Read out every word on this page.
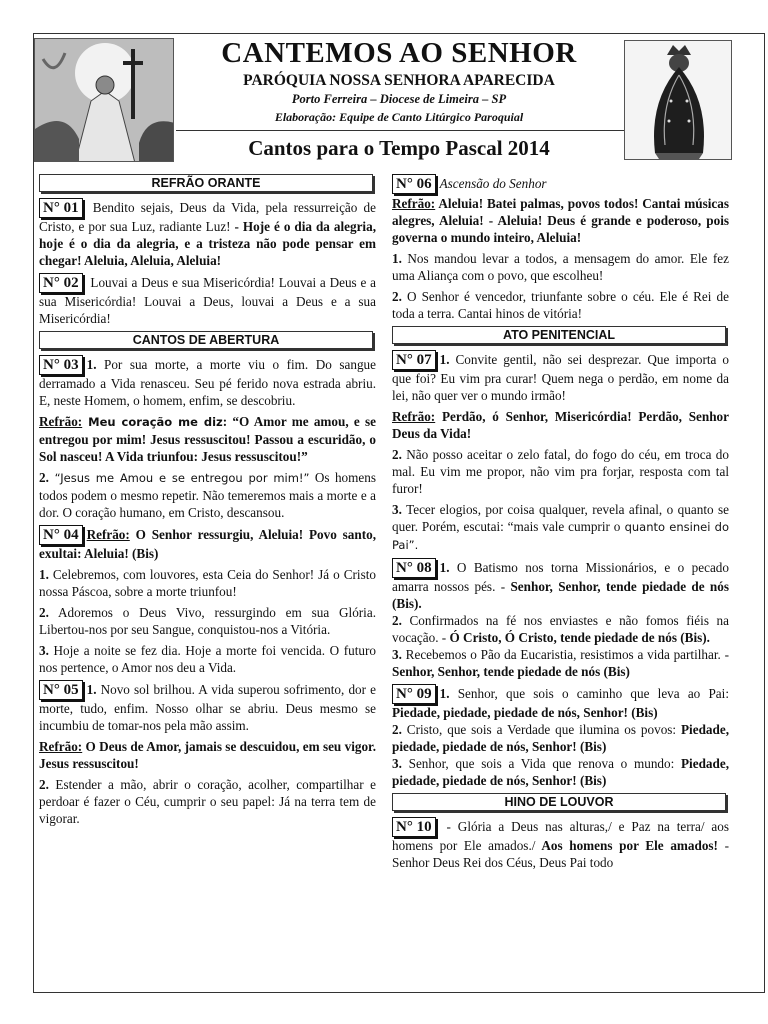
CANTEMOS AO SENHOR
PARÓQUIA NOSSA SENHORA APARECIDA
Porto Ferreira – Diocese de Limeira – SP
Elaboração: Equipe de Canto Litúrgico Paroquial
Cantos para o Tempo Pascal 2014
REFRÃO ORANTE

N° 01 Bendito sejais, Deus da Vida, pela ressurreição de Cristo, e por sua Luz, radiante Luz! - Hoje é o dia da alegria, hoje é o dia da alegria, e a tristeza não pode pensar em chegar! Aleluia, Aleluia, Aleluia!

N° 02 Louvai a Deus e sua Misericórdia! Louvai a Deus e a sua Misericórdia! Louvai a Deus, louvai a Deus e a sua Misericórdia!

CANTOS DE ABERTURA

N° 03 1. Por sua morte, a morte viu o fim. Do sangue derramado a Vida renasceu. Seu pé ferido nova estrada abriu. E, neste Homem, o homem, enfim, se descobriu.

Refrão: Meu coração me diz: “O Amor me amou, e se entregou por mim! Jesus ressuscitou! Passou a escuridão, o Sol nasceu! A Vida triunfou: Jesus ressuscitou!”

2. “Jesus me Amou e se entregou por mim!” Os homens todos podem o mesmo repetir. Não temeremos mais a morte e a dor. O coração humano, em Cristo, descansou.

N° 04 Refrão: O Senhor ressurgiu, Aleluia! Povo santo, exultai: Aleluia! (Bis)

1. Celebremos, com louvores, esta Ceia do Senhor! Já o Cristo nossa Páscoa, sobre a morte triunfou!

2. Adoremos o Deus Vivo, ressurgindo em sua Glória. Libertou-nos por seu Sangue, conquistou-nos a Vitória.

3. Hoje a noite se fez dia. Hoje a morte foi vencida. O futuro nos pertence, o Amor nos deu a Vida.

N° 05 1. Novo sol brilhou. A vida superou sofrimento, dor e morte, tudo, enfim. Nosso olhar se abriu. Deus mesmo se incumbiu de tomar-nos pela mão assim.

Refrão: O Deus de Amor, jamais se descuidou, em seu vigor. Jesus ressuscitou!

2. Estender a mão, abrir o coração, acolher, compartilhar e perdoar é fazer o Céu, cumprir o seu papel: Já na terra tem de vigorar.

N° 06 Ascensão do Senhor

Refrão: Aleluia! Batei palmas, povos todos! Cantai músicas alegres, Aleluia! - Aleluia! Deus é grande e poderoso, pois governa o mundo inteiro, Aleluia!

1. Nos mandou levar a todos, a mensagem do amor. Ele fez uma Aliança com o povo, que escolheu!

2. O Senhor é vencedor, triunfante sobre o céu. Ele é Rei de toda a terra. Cantai hinos de vitória!

ATO PENITENCIAL

N° 07 1. Convite gentil, não sei desprezar. Que importa o que foi? Eu vim pra curar! Quem nega o perdão, em nome da lei, não quer ver o mundo irmão!

Refrão: Perdão, ó Senhor, Misericórdia! Perdão, Senhor Deus da Vida!

2. Não posso aceitar o zelo fatal, do fogo do céu, em troca do mal. Eu vim me propor, não vim pra forjar, resposta com tal furor!

3. Tecer elogios, por coisa qualquer, revela afinal, o quanto se quer. Porém, escutai: “mais vale cumprir o quanto ensinei do Pai”.

N° 08 1. O Batismo nos torna Missionários, e o pecado amarra nossos pés. - Senhor, Senhor, tende piedade de nós (Bis).

2. Confirmados na fé nos enviastes e não fomos fiéis na vocação. - Ó Cristo, Ó Cristo, tende piedade de nós (Bis).

3. Recebemos o Pão da Eucaristia, resistimos a vida partilhar. - Senhor, Senhor, tende piedade de nós (Bis)

N° 09 1. Senhor, que sois o caminho que leva ao Pai: Piedade, piedade, piedade de nós, Senhor! (Bis)

2. Cristo, que sois a Verdade que ilumina os povos: Piedade, piedade, piedade de nós, Senhor! (Bis)

3. Senhor, que sois a Vida que renova o mundo: Piedade, piedade, piedade de nós, Senhor! (Bis)

HINO DE LOUVOR

N° 10 - Glória a Deus nas alturas,/ e Paz na terra/ aos homens por Ele amados./ Aos homens por Ele amados! - Senhor Deus Rei dos Céus, Deus Pai todo
